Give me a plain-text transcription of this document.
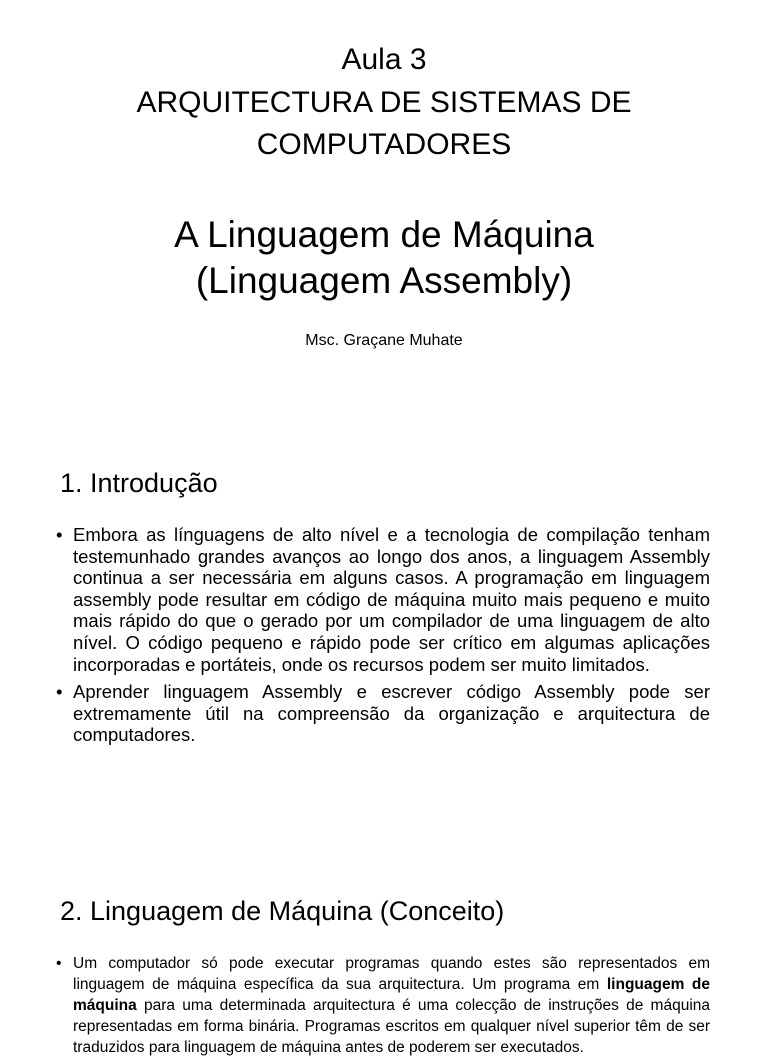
Aula 3
ARQUITECTURA DE SISTEMAS DE
COMPUTADORES
A Linguagem de Máquina
(Linguagem Assembly)
Msc. Graçane Muhate
1. Introdução
• Embora as línguagens de alto nível e a tecnologia de compilação tenham testemunhado grandes avanços ao longo dos anos, a linguagem Assembly continua a ser necessária em alguns casos. A programação em linguagem assembly pode resultar em código de máquina muito mais pequeno e muito mais rápido do que o gerado por um compilador de uma linguagem de alto nível. O código pequeno e rápido pode ser crítico em algumas aplicações incorporadas e portáteis, onde os recursos podem ser muito limitados.
• Aprender linguagem Assembly e escrever código Assembly pode ser extremamente útil na compreensão da organização e arquitectura de computadores.
2. Linguagem de Máquina (Conceito)
• Um computador só pode executar programas quando estes são representados em linguagem de máquina específica da sua arquitectura. Um programa em linguagem de máquina para uma determinada arquitectura é uma colecção de instruções de máquina representadas em forma binária. Programas escritos em qualquer nível superior têm de ser traduzidos para linguagem de máquina antes de poderem ser executados.
